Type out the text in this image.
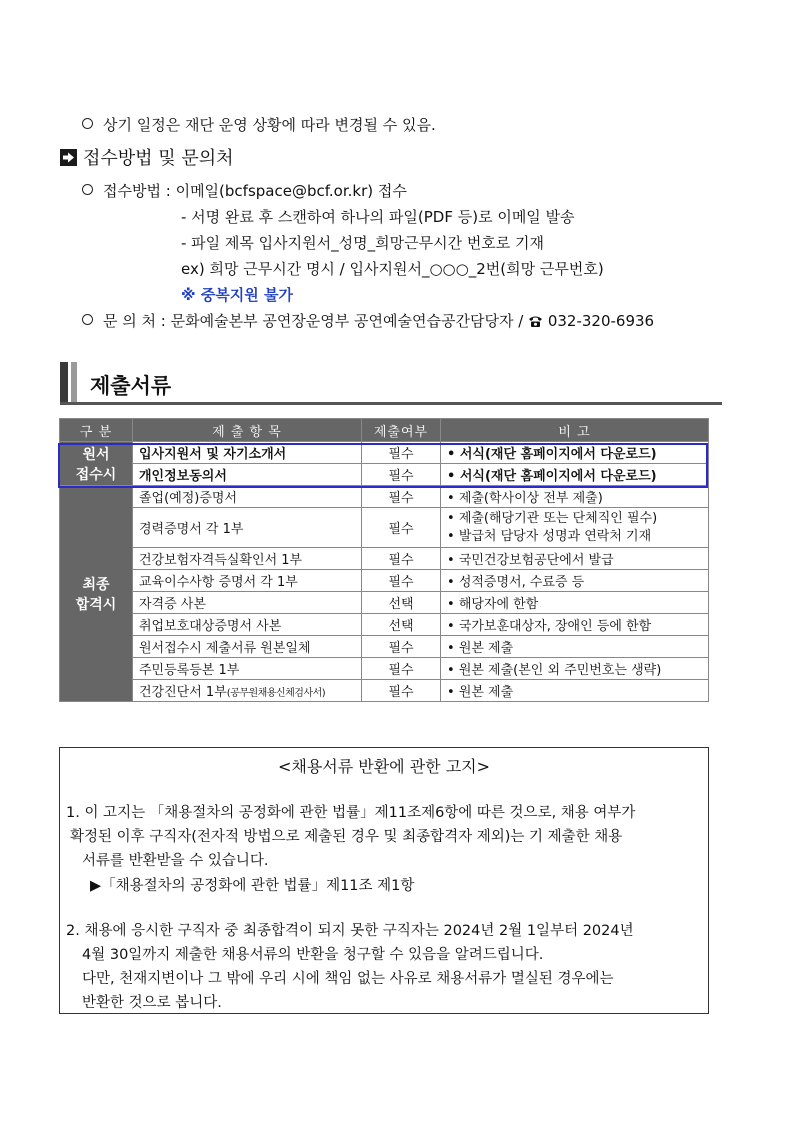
상기 일정은 재단 운영 상황에 따라 변경될 수 있음.
접수방법 및 문의처
접수방법 : 이메일(bcfspace@bcf.or.kr) 접수
- 서명 완료 후 스캔하여 하나의 파일(PDF 등)로 이메일 발송
- 파일 제목 입사지원서_성명_희망근무시간 번호로 기재
ex) 희망 근무시간 명시 / 입사지원서_○○○_2번(희망 근무번호)
※ 중복지원 불가
문 의 처 : 문화예술본부 공연장운영부 공연예술연습공간담당자 / 032-320-6936
제출서류
구 분	제 출 항 목	제출여부	비 고
원서
접수시	입사지원서 및 자기소개서	필수	• 서식(재단 홈페이지에서 다운로드)
	개인정보동의서	필수	• 서식(재단 홈페이지에서 다운로드)
최종
합격시	졸업(예정)증명서	필수	• 제출(학사이상 전부 제출)
	경력증명서 각 1부	필수	• 제출(해당기관 또는 단체직인 필수)
• 발급처 담당자 성명과 연락처 기재
	건강보험자격득실확인서 1부	필수	• 국민건강보험공단에서 발급
	교육이수사항 증명서 각 1부	필수	• 성적증명서, 수료증 등
	자격증 사본	선택	• 해당자에 한함
	취업보호대상증명서 사본	선택	• 국가보훈대상자, 장애인 등에 한함
	원서접수시 제출서류 원본일체	필수	• 원본 제출
	주민등록등본 1부	필수	• 원본 제출(본인 외 주민번호는 생략)
	건강진단서 1부(공무원채용신체검사서)	필수	• 원본 제출
<채용서류 반환에 관한 고지>
1. 이 고지는 「채용절차의 공정화에 관한 법률」제11조제6항에 따른 것으로, 채용 여부가
확정된 이후 구직자(전자적 방법으로 제출된 경우 및 최종합격자 제외)는 기 제출한 채용
서류를 반환받을 수 있습니다.
▶「채용절차의 공정화에 관한 법률」제11조 제1항
2. 채용에 응시한 구직자 중 최종합격이 되지 못한 구직자는 2024년 2월 1일부터 2024년
4월 30일까지 제출한 채용서류의 반환을 청구할 수 있음을 알려드립니다.
다만, 천재지변이나 그 밖에 우리 시에 책임 없는 사유로 채용서류가 멸실된 경우에는
반환한 것으로 봅니다.
